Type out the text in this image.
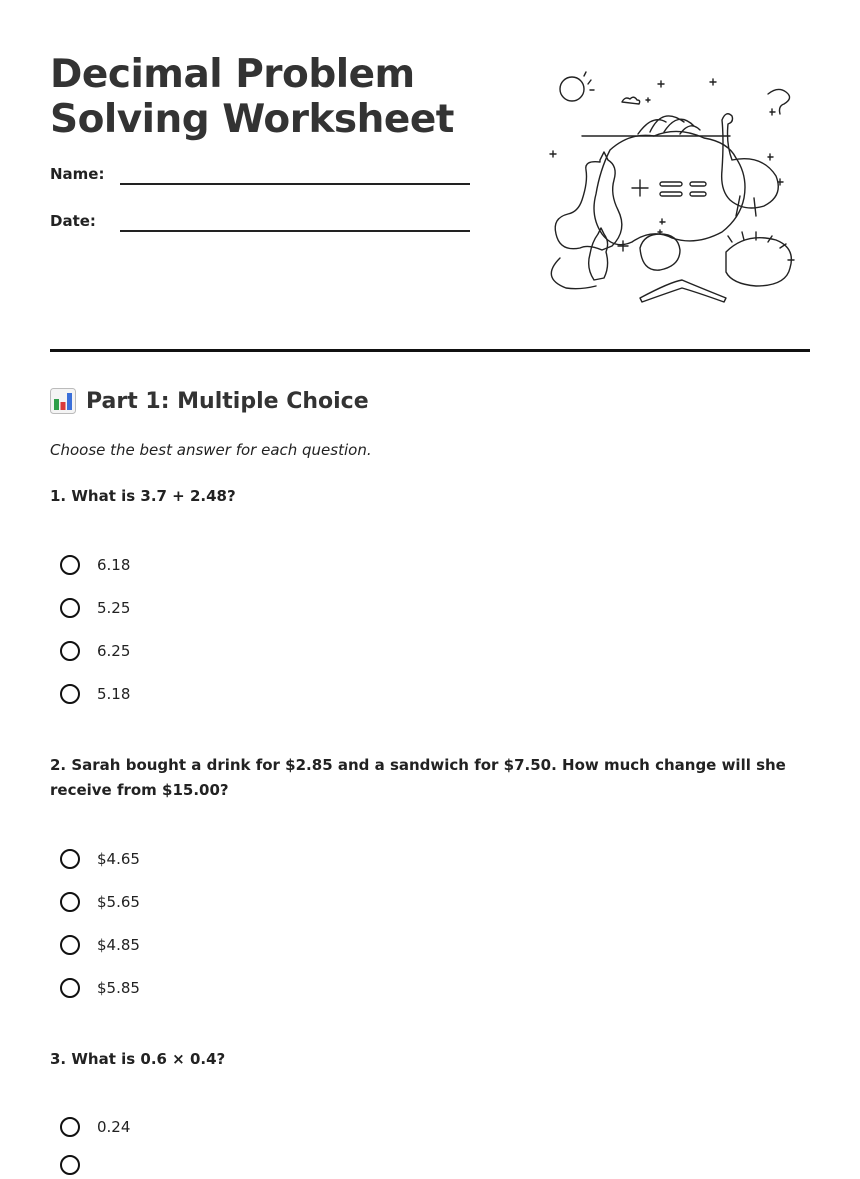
Decimal Problem
Solving Worksheet
Name:
Date:
Part 1: Multiple Choice
Choose the best answer for each question.
1. What is 3.7 + 2.48?
6.18
5.25
6.25
5.18
2. Sarah bought a drink for $2.85 and a sandwich for $7.50. How much change will she receive from $15.00?
$4.65
$5.65
$4.85
$5.85
3. What is 0.6 × 0.4?
0.24
